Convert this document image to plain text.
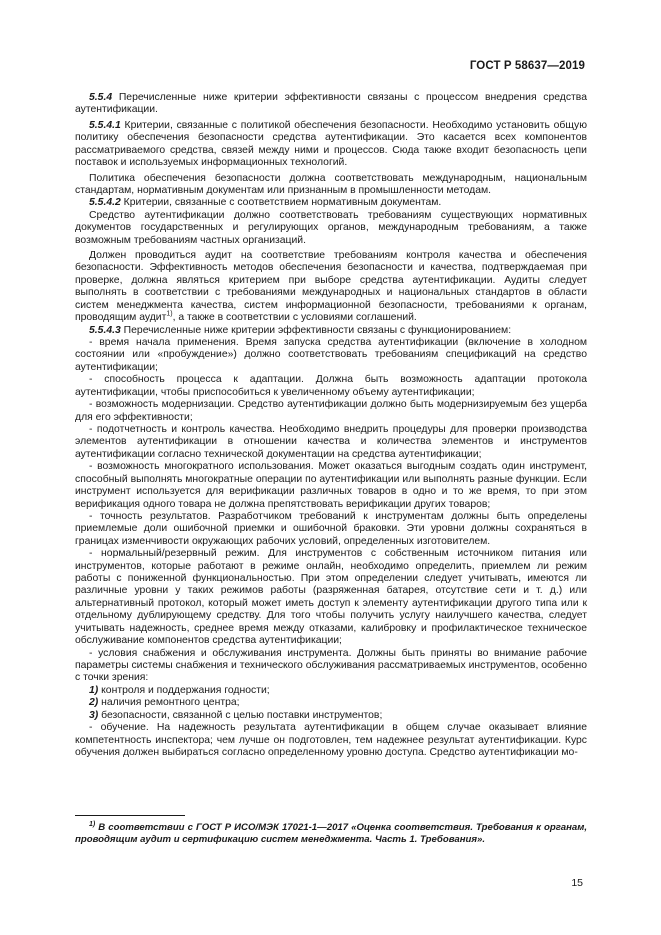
ГОСТ Р 58637—2019

5.5.4 Перечисленные ниже критерии эффективности связаны с процессом внедрения средства аутентификации.

5.5.4.1 Критерии, связанные с политикой обеспечения безопасности. Необходимо установить общую политику обеспечения безопасности средства аутентификации. Это касается всех компонентов рассматриваемого средства, связей между ними и процессов. Сюда также входит безопасность цепи поставок и используемых информационных технологий.

Политика обеспечения безопасности должна соответствовать международным, национальным стандартам, нормативным документам или признанным в промышленности методам.

5.5.4.2 Критерии, связанные с соответствием нормативным документам.

Средство аутентификации должно соответствовать требованиям существующих нормативных документов государственных и регулирующих органов, международным требованиям, а также возможным требованиям частных организаций.

Должен проводиться аудит на соответствие требованиям контроля качества и обеспечения безопасности. Эффективность методов обеспечения безопасности и качества, подтверждаемая при проверке, должна являться критерием при выборе средства аутентификации. Аудиты следует выполнять в соответствии с требованиями международных и национальных стандартов в области систем менеджмента качества, систем информационной безопасности, требованиями к органам, проводящим аудит$^{1)}$, а также в соответствии с условиями соглашений.

5.5.4.3 Перечисленные ниже критерии эффективности связаны с функционированием:

- время начала применения. Время запуска средства аутентификации (включение в холодном состоянии или «пробуждение») должно соответствовать требованиям спецификаций на средство аутентификации;

- способность процесса к адаптации. Должна быть возможность адаптации протокола аутентификации, чтобы приспособиться к увеличенному объему аутентификации;

- возможность модернизации. Средство аутентификации должно быть модернизируемым без ущерба для его эффективности;

- подотчетность и контроль качества. Необходимо внедрить процедуры для проверки производства элементов аутентификации в отношении качества и количества элементов и инструментов аутентификации согласно технической документации на средства аутентификации;

- возможность многократного использования. Может оказаться выгодным создать один инструмент, способный выполнять многократные операции по аутентификации или выполнять разные функции. Если инструмент используется для верификации различных товаров в одно и то же время, то при этом верификация одного товара не должна препятствовать верификации других товаров;

- точность результатов. Разработчиком требований к инструментам должны быть определены приемлемые доли ошибочной приемки и ошибочной браковки. Эти уровни должны сохраняться в границах изменчивости окружающих рабочих условий, определенных изготовителем.

- нормальный/резервный режим. Для инструментов с собственным источником питания или инструментов, которые работают в режиме онлайн, необходимо определить, приемлем ли режим работы с пониженной функциональностью. При этом определении следует учитывать, имеются ли различные уровни у таких режимов работы (разряженная батарея, отсутствие сети и т. д.) или альтернативный протокол, который может иметь доступ к элементу аутентификации другого типа или к отдельному дублирующему средству. Для того чтобы получить услугу наилучшего качества, следует учитывать надежность, среднее время между отказами, калибровку и профилактическое техническое обслуживание компонентов средства аутентификации;

- условия снабжения и обслуживания инструмента. Должны быть приняты во внимание рабочие параметры системы снабжения и технического обслуживания рассматриваемых инструментов, особенно с точки зрения:

1) контроля и поддержания годности;

2) наличия ремонтного центра;

3) безопасности, связанной с целью поставки инструментов;

- обучение. На надежность результата аутентификации в общем случае оказывает влияние компетентность инспектора; чем лучше он подготовлен, тем надежнее результат аутентификации. Курс обучения должен выбираться согласно определенному уровню доступа. Средство аутентификации мо-

$^{1)}$ В соответствии с ГОСТ Р ИСО/МЭК 17021-1—2017 «Оценка соответствия. Требования к органам, проводящим аудит и сертификацию систем менеджмента. Часть 1. Требования».
15
